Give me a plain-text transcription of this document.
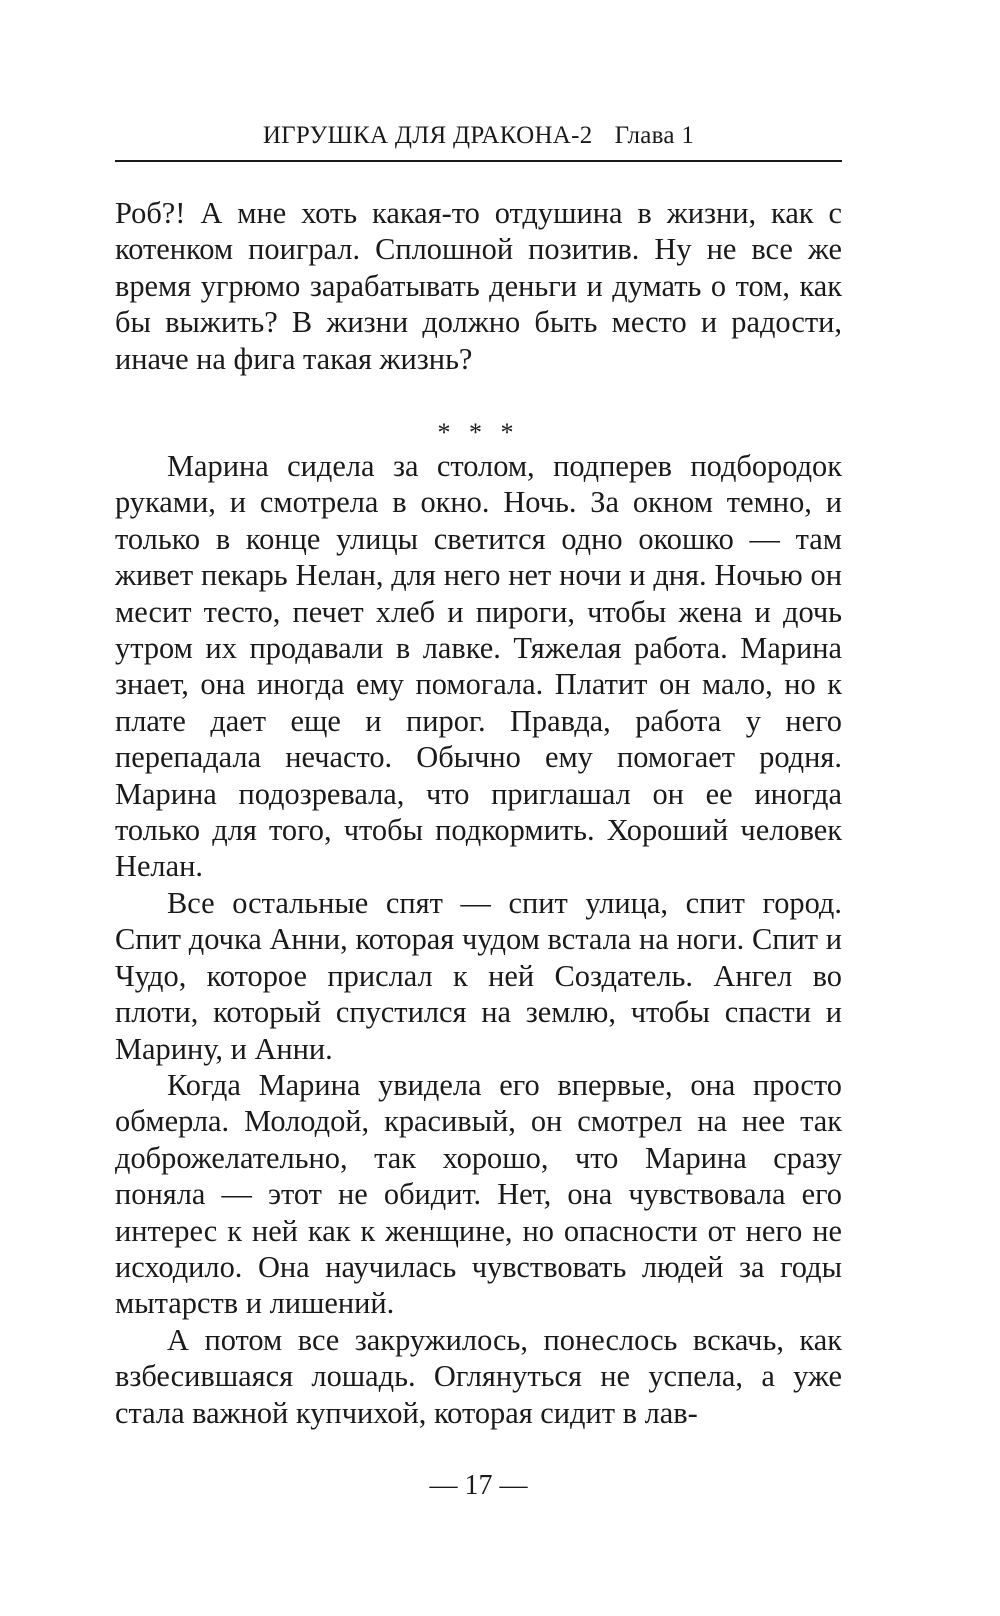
ИГРУШКА ДЛЯ ДРАКОНА-2 Глава 1

Роб?! А мне хоть какая-то отдушина в жизни, как с котенком поиграл. Сплошной позитив. Ну не все же время угрюмо зарабатывать деньги и думать о том, как бы выжить? В жизни должно быть место и радости, иначе на фига такая жизнь?

* * *

Марина сидела за столом, подперев подбородок руками, и смотрела в окно. Ночь. За окном темно, и только в конце улицы светится одно окошко — там живет пекарь Нелан, для него нет ночи и дня. Ночью он месит тесто, печет хлеб и пироги, чтобы жена и дочь утром их продавали в лавке. Тяжелая работа. Марина знает, она иногда ему помогала. Платит он мало, но к плате дает еще и пирог. Правда, работа у него перепадала нечасто. Обычно ему помогает родня. Марина подозревала, что приглашал он ее иногда только для того, чтобы подкормить. Хороший человек Нелан.

Все остальные спят — спит улица, спит город. Спит дочка Анни, которая чудом встала на ноги. Спит и Чудо, которое прислал к ней Создатель. Ангел во плоти, который спустился на землю, чтобы спасти и Марину, и Анни.

Когда Марина увидела его впервые, она просто обмерла. Молодой, красивый, он смотрел на нее так доброжелательно, так хорошо, что Марина сразу поняла — этот не обидит. Нет, она чувствовала его интерес к ней как к женщине, но опасности от него не исходило. Она научилась чувствовать людей за годы мытарств и лишений.

А потом все закружилось, понеслось вскачь, как взбесившаяся лошадь. Оглянуться не успела, а уже стала важной купчихой, которая сидит в лав-

— 17 —
